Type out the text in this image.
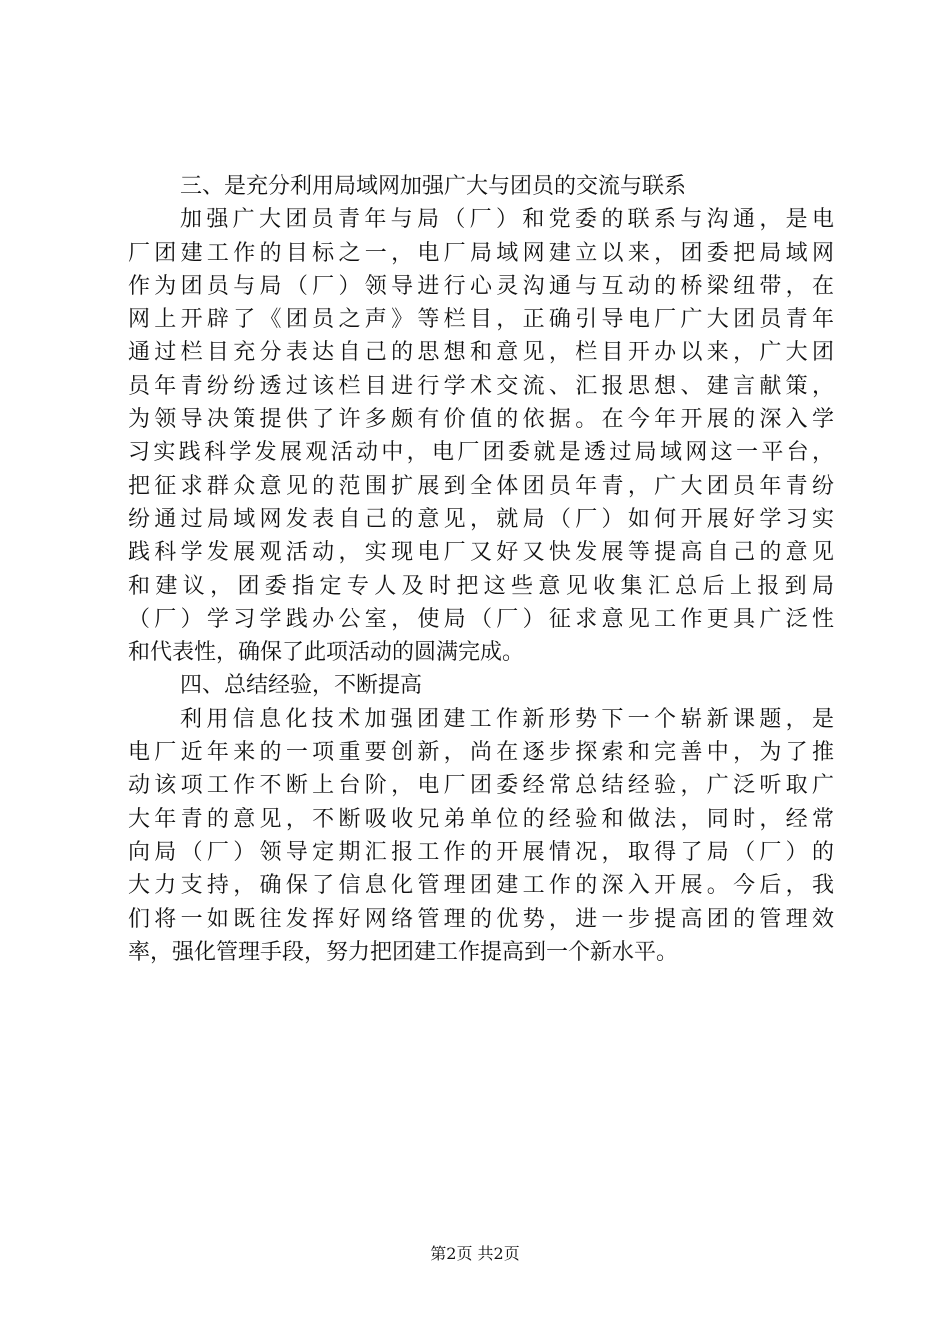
三、是充分利用局域网加强广大与团员的交流与联系
加强广大团员青年与局（厂）和党委的联系与沟通，是电
厂团建工作的目标之一，电厂局域网建立以来，团委把局域网
作为团员与局（厂）领导进行心灵沟通与互动的桥梁纽带，在
网上开辟了《团员之声》等栏目，正确引导电厂广大团员青年
通过栏目充分表达自己的思想和意见，栏目开办以来，广大团
员年青纷纷透过该栏目进行学术交流、汇报思想、建言献策，
为领导决策提供了许多颇有价值的依据。在今年开展的深入学
习实践科学发展观活动中，电厂团委就是透过局域网这一平台，
把征求群众意见的范围扩展到全体团员年青，广大团员年青纷
纷通过局域网发表自己的意见，就局（厂）如何开展好学习实
践科学发展观活动，实现电厂又好又快发展等提高自己的意见
和建议，团委指定专人及时把这些意见收集汇总后上报到局
（厂）学习学践办公室，使局（厂）征求意见工作更具广泛性
和代表性，确保了此项活动的圆满完成。
四、总结经验，不断提高
利用信息化技术加强团建工作新形势下一个崭新课题，是
电厂近年来的一项重要创新，尚在逐步探索和完善中，为了推
动该项工作不断上台阶，电厂团委经常总结经验，广泛听取广
大年青的意见，不断吸收兄弟单位的经验和做法，同时，经常
向局（厂）领导定期汇报工作的开展情况，取得了局（厂）的
大力支持，确保了信息化管理团建工作的深入开展。今后，我
们将一如既往发挥好网络管理的优势，进一步提高团的管理效
率，强化管理手段，努力把团建工作提高到一个新水平。
第2页 共2页
